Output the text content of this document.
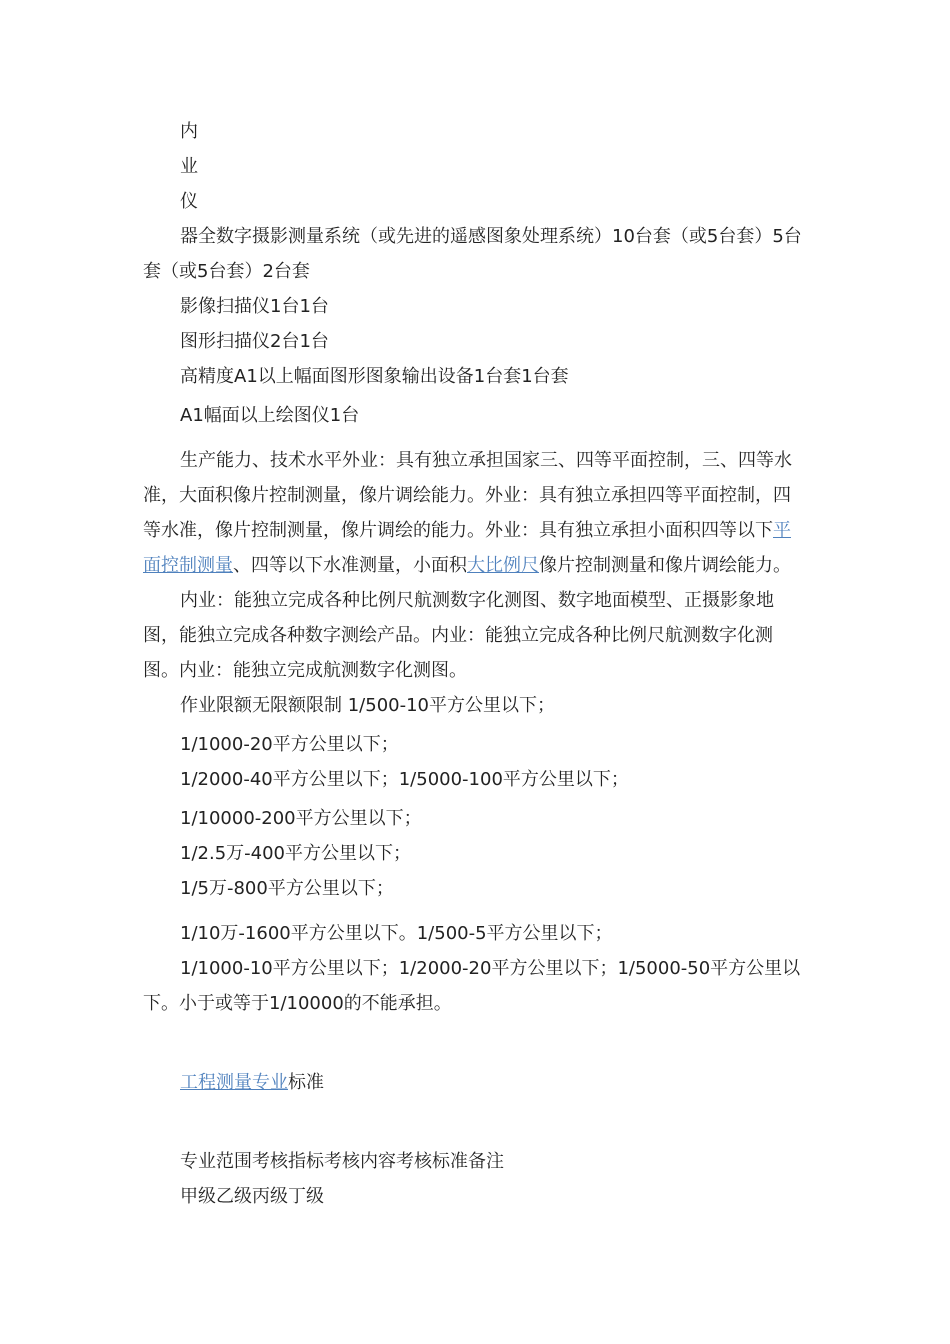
内

业

仪

器全数字摄影测量系统（或先进的遥感图象处理系统）10台套（或5台套）5台套（或5台套）2台套

影像扫描仪1台1台

图形扫描仪2台1台

高精度A1以上幅面图形图象输出设备1台套1台套

A1幅面以上绘图仪1台

生产能力、技术水平外业：具有独立承担国家三、四等平面控制，三、四等水准，大面积像片控制测量，像片调绘能力。外业：具有独立承担四等平面控制，四等水准，像片控制测量，像片调绘的能力。外业：具有独立承担小面积四等以下平面控制测量、四等以下水准测量，小面积大比例尺像片控制测量和像片调绘能力。

内业：能独立完成各种比例尺航测数字化测图、数字地面模型、正摄影象地图，能独立完成各种数字测绘产品。内业：能独立完成各种比例尺航测数字化测图。内业：能独立完成航测数字化测图。

作业限额无限额限制 1/500-10平方公里以下；

1/1000-20平方公里以下；

1/2000-40平方公里以下；1/5000-100平方公里以下；

1/10000-200平方公里以下；

1/2.5万-400平方公里以下；

1/5万-800平方公里以下；

1/10万-1600平方公里以下。1/500-5平方公里以下；

1/1000-10平方公里以下；1/2000-20平方公里以下；1/5000-50平方公里以下。小于或等于1/10000的不能承担。

工程测量专业标准

专业范围考核指标考核内容考核标准备注

甲级乙级丙级丁级
